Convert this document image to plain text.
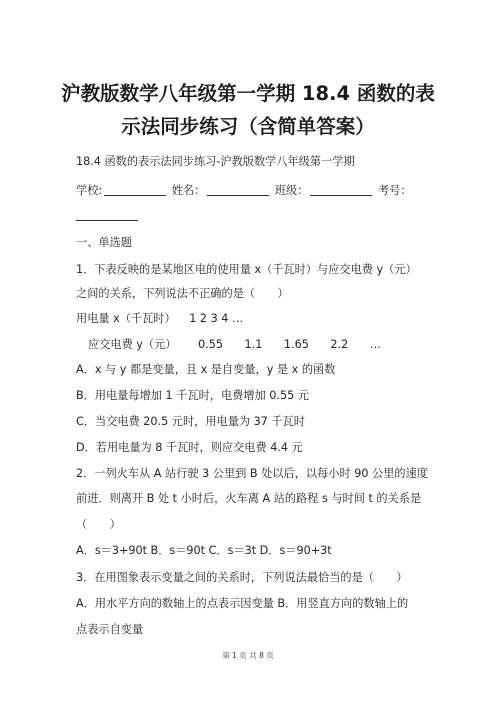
沪教版数学八年级第一学期 18.4 函数的表
示法同步练习（含简单答案）
18.4 函数的表示法同步练习-沪教版数学八年级第一学期
学校:	姓名：	班级：	考号：
一、单选题
1．下表反映的是某地区电的使用量 x（千瓦时）与应交电费 y（元）
之间的关系，下列说法不正确的是（　　）
用电量 x（千瓦时） 1 2 3 4 …
应交电费 y（元） 0.55 1.1 1.65 2.2 …
A．x 与 y 都是变量，且 x 是自变量，y 是 x 的函数
B．用电量每增加 1 千瓦时，电费增加 0.55 元
C．当交电费 20.5 元时，用电量为 37 千瓦时
D．若用电量为 8 千瓦时，则应交电费 4.4 元
2．一列火车从 A 站行驶 3 公里到 B 处以后，以每小时 90 公里的速度
前进．则离开 B 处 t 小时后，火车离 A 站的路程 s 与时间 t 的关系是
（　　）
A．s＝3+90t B．s＝90t C．s＝3t D．s＝90+3t
3．在用图象表示变量之间的关系时，下列说法最恰当的是（　　）
A．用水平方向的数轴上的点表示因变量 B．用竖直方向的数轴上的
点表示自变量
第 1 页 共 8 页
